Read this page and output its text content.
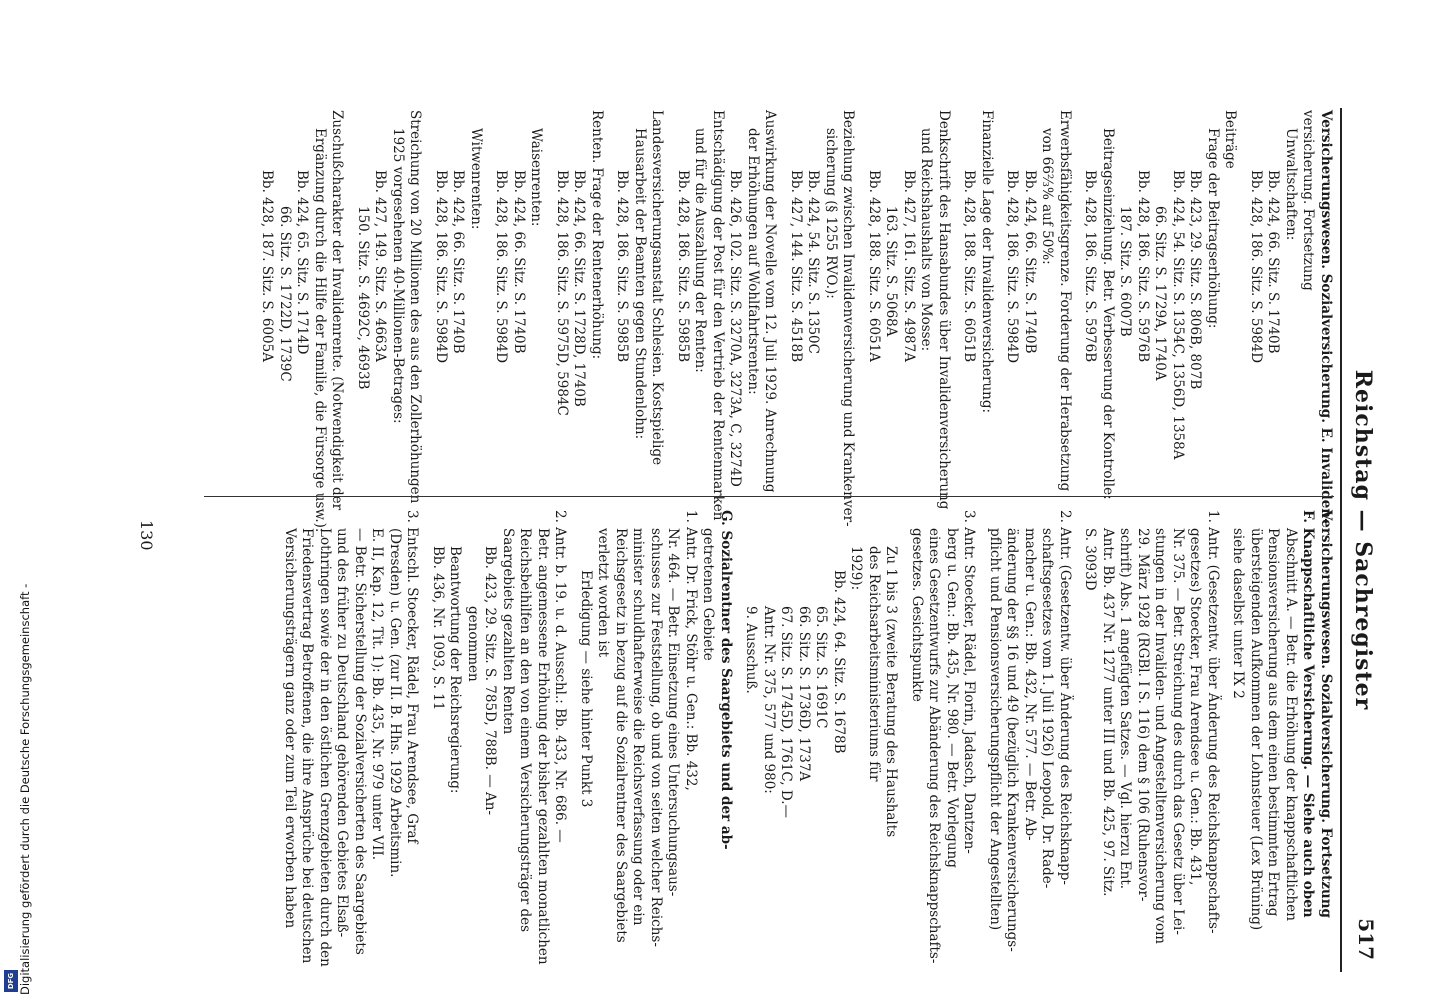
Reichstag — Sachregister
517
Versicherungswesen. Sozialversicherung. E. Invaliden-
versicherung. Fortsetzung
Unwaltschaften:
Bb. 424, 66. Sitz. S. 1740B
Bb. 428, 186. Sitz. S. 5984D
Beiträge
Frage der Beitragserhöhung:
Bb. 423, 29. Sitz. S. 806B, 807B
Bb. 424, 54. Sitz. S. 1354C, 1356D, 1358A
66. Sitz. S. 1729A, 1740A
Bb. 428, 186. Sitz. S. 5976B
187. Sitz. S. 6007B
Beitragseinziehung. Betr. Verbesserung der Kontrolle:
Bb. 428, 186. Sitz. S. 5976B
Erwerbsfähigkeitsgrenze. Forderung der Herabsetzung
von 66⅔% auf 50%:
Bb. 424, 66. Sitz. S. 1740B
Bb. 428, 186. Sitz. S. 5984D
Finanzielle Lage der Invalidenversicherung:
Bb. 428, 188. Sitz. S. 6051B
Denkschrift des Hansabundes über Invalidenversicherung
und Reichshaushalts von Mosse:
Bb. 427, 161. Sitz. S. 4987A
163. Sitz. S. 5068A
Bb. 428, 188. Sitz. S. 6051A
Beziehung zwischen Invalidenversicherung und Krankenver-
sicherung (§ 1255 RVO.):
Bb. 424, 54. Sitz. S. 1350C
Bb. 427, 144. Sitz. S. 4518B
Auswirkung der Novelle vom 12. Juli 1929. Anrechnung
der Erhöhungen auf Wohlfahrtsrenten:
Bb. 426, 102. Sitz. S. 3270A, 3273A, C, 3274D
Entschädigung der Post für den Vertrieb der Rentenmarken
und für die Auszahlung der Renten:
Bb. 428, 186. Sitz. S. 5985B
Landesversicherungsanstalt Schlesien. Kostspielige
Hausarbeit der Beamten gegen Stundenlohn:
Bb. 428, 186. Sitz. S. 5985B
Renten. Frage der Rentenerhöhung:
Bb. 424, 66. Sitz. S. 1728D, 1740B
Bb. 428, 186. Sitz. S. 5975D, 5984C
Waisenrenten:
Bb. 424, 66. Sitz. S. 1740B
Bb. 428, 186. Sitz. S. 5984D
Witwenrenten:
Bb. 424, 66. Sitz. S. 1740B
Bb. 428, 186. Sitz. S. 5984D
Streichung von 20 Millionen des aus den Zollerhöhungen
1925 vorgesehenen 40-Millionen-Betrages:
Bb. 427, 149. Sitz. S. 4663A
150. Sitz. S. 4692C, 4693B
Zuschußcharakter der Invalidenrente. (Notwendigkeit der
Ergänzung durch die Hilfe der Familie, die Fürsorge usw.):
Bb. 424, 65. Sitz. S. 1714D
66. Sitz. S. 1722D, 1739C
Bb. 428, 187. Sitz. S. 6005A
Versicherungswesen. Sozialversicherung. Fortsetzung
F. Knappschaftliche Versicherung. — Siehe auch oben
Abschnitt A. — Betr. die Erhöhung der knappschaftlichen
Pensionsversicherung aus dem einen bestimmten Ertrag
übersteigenden Aufkommen der Lohnsteuer (Lex Brüning)
siehe daselbst unter IX 2
1. Antr. (Gesetzentw. über Änderung des Reichsknappschafts-
gesetzes) Stoecker, Frau Arendsee u. Gen.: Bb. 431,
Nr. 375. — Betr. Streichung des durch das Gesetz über Lei-
stungen in der Invaliden- und Angestelltenversicherung vom
29. März 1928 (RGBl. I S. 116) dem § 106 (Ruhensvor-
schrift) Abs. 1 angefügten Satzes. — Vgl. hierzu Ent.
Antr. Bb. 437 Nr. 1277 unter III und Bb. 425, 97. Sitz.
S. 3093D
2. Antr. (Gesetzentw. über Änderung des Reichsknapp-
schaftsgesetzes vom 1. Juli 1926) Leopold, Dr. Rade-
macher u. Gen.: Bb. 432, Nr. 577. — Betr. Ab-
änderung der §§ 16 und 49 (bezüglich Krankenversicherungs-
pflicht und Pensionsversicherungspflicht der Angestellten)
3. Antr. Stoecker, Rädel, Florin, Jadasch, Dantzen-
berg u. Gen.: Bb. 435, Nr. 980. — Betr. Vorlegung
eines Gesetzentwurfs zur Abänderung des Reichsknappschafts-
gesetzes. Gesichtspunkte
Zu 1 bis 3 (zweite Beratung des Haushalts
des Reichsarbeitsministeriums für
1929):
Bb. 424, 64. Sitz. S. 1678B
65. Sitz. S. 1691C
66. Sitz. S. 1736D, 1737A
67. Sitz. S. 1745D, 1761C, D.—
Antr. Nr. 375, 577 und 980:
9. Ausschuß.
G. Sozialrentner des Saargebiets und der ab-
getretenen Gebiete
1. Antr. Dr. Frick, Stöhr u. Gen.: Bb. 432,
Nr. 464. — Betr. Einsetzung eines Untersuchungsaus-
schusses zur Feststellung, ob und von seiten welcher Reichs-
minister schuldhafterweise die Reichsverfassung oder ein
Reichsgesetz in bezug auf die Sozialrentner des Saargebiets
verletzt worden ist
Erledigung — siehe hinter Punkt 3
2. Antr. b. 19. u. d. Ausschl.: Bb. 433, Nr. 686. —
Betr. angemessene Erhöhung der bisher gezahlten monatlichen
Reichsbeihilfen an den von einem Versicherungsträger des
Saargebiets gezahlten Renten
Bb. 423, 29. Sitz. S. 785D, 788B. — An-
genommen
Beantwortung der Reichsregierung:
Bb. 436, Nr. 1093, S. 11
3. Entschl. Stoecker, Rädel, Frau Arendsee, Graf
(Dresden) u. Gen. (zur II. B. Hhs. 1929 Arbeitsmin.
E. II, Kap. 12, Tit. 1): Bb. 435, Nr. 979 unter VII.
— Betr. Sicherstellung der Sozialversicherten des Saargebiets
und des früher zu Deutschland gehörenden Gebietes Elsaß-
Lothringen sowie der in den östlichen Grenzgebieten durch den
Friedensvertrag Betroffenen, die ihre Ansprüche bei deutschen
Versicherungsträgern ganz oder zum Teil erworben haben
130
DFG Digitalisierung gefördert durch die Deutsche Forschungsgemeinschaft -
